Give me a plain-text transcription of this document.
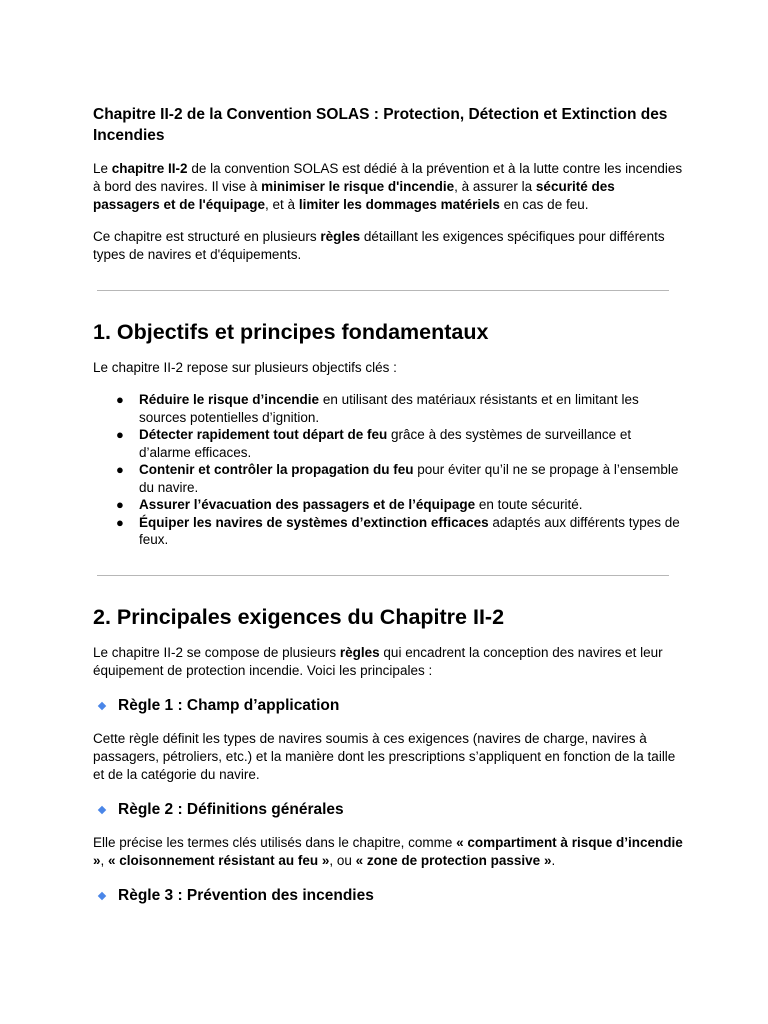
Chapitre II-2 de la Convention SOLAS : Protection, Détection et Extinction des Incendies

Le chapitre II-2 de la convention SOLAS est dédié à la prévention et à la lutte contre les incendies à bord des navires. Il vise à minimiser le risque d'incendie, à assurer la sécurité des passagers et de l'équipage, et à limiter les dommages matériels en cas de feu.

Ce chapitre est structuré en plusieurs règles détaillant les exigences spécifiques pour différents types de navires et d'équipements.

1. Objectifs et principes fondamentaux

Le chapitre II-2 repose sur plusieurs objectifs clés :

● Réduire le risque d’incendie en utilisant des matériaux résistants et en limitant les sources potentielles d’ignition.
● Détecter rapidement tout départ de feu grâce à des systèmes de surveillance et d’alarme efficaces.
● Contenir et contrôler la propagation du feu pour éviter qu’il ne se propage à l’ensemble du navire.
● Assurer l’évacuation des passagers et de l’équipage en toute sécurité.
● Équiper les navires de systèmes d’extinction efficaces adaptés aux différents types de feux.
2. Principales exigences du Chapitre II-2

Le chapitre II-2 se compose de plusieurs règles qui encadrent la conception des navires et leur équipement de protection incendie. Voici les principales :

Règle 1 : Champ d’application

Cette règle définit les types de navires soumis à ces exigences (navires de charge, navires à passagers, pétroliers, etc.) et la manière dont les prescriptions s’appliquent en fonction de la taille et de la catégorie du navire.

Règle 2 : Définitions générales

Elle précise les termes clés utilisés dans le chapitre, comme « compartiment à risque d’incendie », « cloisonnement résistant au feu », ou « zone de protection passive ».

Règle 3 : Prévention des incendies
